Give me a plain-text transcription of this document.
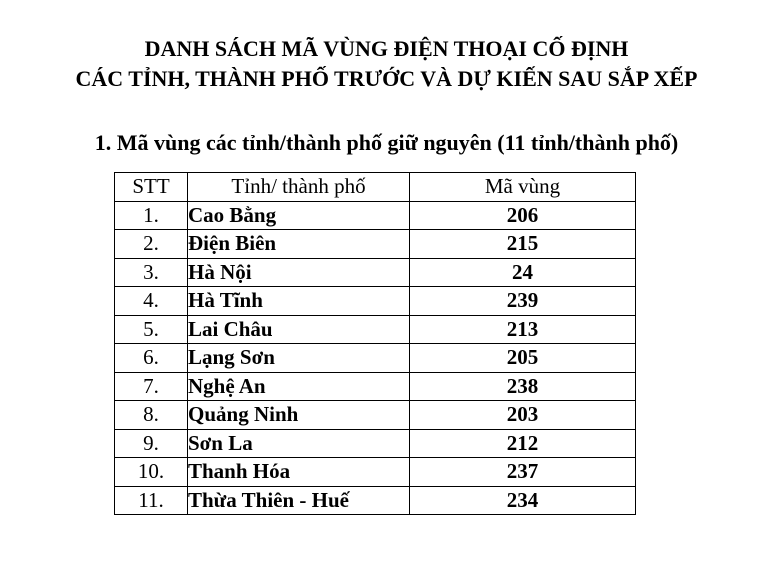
DANH SÁCH MÃ VÙNG ĐIỆN THOẠI CỐ ĐỊNH
CÁC TỈNH, THÀNH PHỐ TRƯỚC VÀ DỰ KIẾN SAU SẮP XẾP
1. Mã vùng các tỉnh/thành phố giữ nguyên (11 tỉnh/thành phố)
STT	Tỉnh/ thành phố	Mã vùng
1.	Cao Bằng	206
2.	Điện Biên	215
3.	Hà Nội	24
4.	Hà Tĩnh	239
5.	Lai Châu	213
6.	Lạng Sơn	205
7.	Nghệ An	238
8.	Quảng Ninh	203
9.	Sơn La	212
10.	Thanh Hóa	237
11.	Thừa Thiên - Huế	234
